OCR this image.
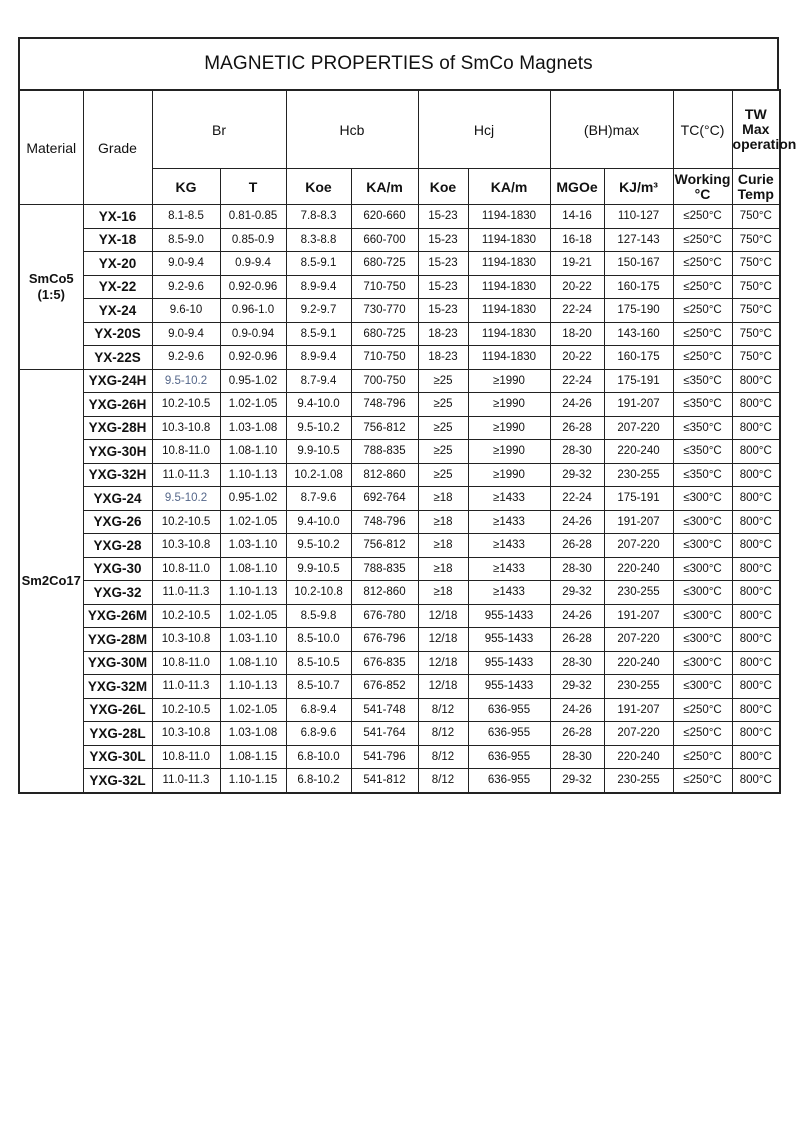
MAGNETIC PROPERTIES of SmCo Magnets
Material	Grade	Br		Hcb		Hcj		(BH)max		TC(°C)	TW Max operation
		KG	T	Koe	KA/m	Koe	KA/m	MGOe	KJ/m³	Working °C	Curie Temp
SmCo5 (1:5)	YX-16	8.1-8.5	0.81-0.85	7.8-8.3	620-660	15-23	1194-1830	14-16	110-127	≤250°C	750°C
	YX-18	8.5-9.0	0.85-0.9	8.3-8.8	660-700	15-23	1194-1830	16-18	127-143	≤250°C	750°C
	YX-20	9.0-9.4	0.9-9.4	8.5-9.1	680-725	15-23	1194-1830	19-21	150-167	≤250°C	750°C
	YX-22	9.2-9.6	0.92-0.96	8.9-9.4	710-750	15-23	1194-1830	20-22	160-175	≤250°C	750°C
	YX-24	9.6-10	0.96-1.0	9.2-9.7	730-770	15-23	1194-1830	22-24	175-190	≤250°C	750°C
	YX-20S	9.0-9.4	0.9-0.94	8.5-9.1	680-725	18-23	1194-1830	18-20	143-160	≤250°C	750°C
	YX-22S	9.2-9.6	0.92-0.96	8.9-9.4	710-750	18-23	1194-1830	20-22	160-175	≤250°C	750°C
Sm2Co17	YXG-24H	9.5-10.2	0.95-1.02	8.7-9.4	700-750	≥25	≥1990	22-24	175-191	≤350°C	800°C
	YXG-26H	10.2-10.5	1.02-1.05	9.4-10.0	748-796	≥25	≥1990	24-26	191-207	≤350°C	800°C
	YXG-28H	10.3-10.8	1.03-1.08	9.5-10.2	756-812	≥25	≥1990	26-28	207-220	≤350°C	800°C
	YXG-30H	10.8-11.0	1.08-1.10	9.9-10.5	788-835	≥25	≥1990	28-30	220-240	≤350°C	800°C
	YXG-32H	11.0-11.3	1.10-1.13	10.2-1.08	812-860	≥25	≥1990	29-32	230-255	≤350°C	800°C
	YXG-24	9.5-10.2	0.95-1.02	8.7-9.6	692-764	≥18	≥1433	22-24	175-191	≤300°C	800°C
	YXG-26	10.2-10.5	1.02-1.05	9.4-10.0	748-796	≥18	≥1433	24-26	191-207	≤300°C	800°C
	YXG-28	10.3-10.8	1.03-1.10	9.5-10.2	756-812	≥18	≥1433	26-28	207-220	≤300°C	800°C
	YXG-30	10.8-11.0	1.08-1.10	9.9-10.5	788-835	≥18	≥1433	28-30	220-240	≤300°C	800°C
	YXG-32	11.0-11.3	1.10-1.13	10.2-10.8	812-860	≥18	≥1433	29-32	230-255	≤300°C	800°C
	YXG-26M	10.2-10.5	1.02-1.05	8.5-9.8	676-780	12/18	955-1433	24-26	191-207	≤300°C	800°C
	YXG-28M	10.3-10.8	1.03-1.10	8.5-10.0	676-796	12/18	955-1433	26-28	207-220	≤300°C	800°C
	YXG-30M	10.8-11.0	1.08-1.10	8.5-10.5	676-835	12/18	955-1433	28-30	220-240	≤300°C	800°C
	YXG-32M	11.0-11.3	1.10-1.13	8.5-10.7	676-852	12/18	955-1433	29-32	230-255	≤300°C	800°C
	YXG-26L	10.2-10.5	1.02-1.05	6.8-9.4	541-748	8/12	636-955	24-26	191-207	≤250°C	800°C
	YXG-28L	10.3-10.8	1.03-1.08	6.8-9.6	541-764	8/12	636-955	26-28	207-220	≤250°C	800°C
	YXG-30L	10.8-11.0	1.08-1.15	6.8-10.0	541-796	8/12	636-955	28-30	220-240	≤250°C	800°C
	YXG-32L	11.0-11.3	1.10-1.15	6.8-10.2	541-812	8/12	636-955	29-32	230-255	≤250°C	800°C
